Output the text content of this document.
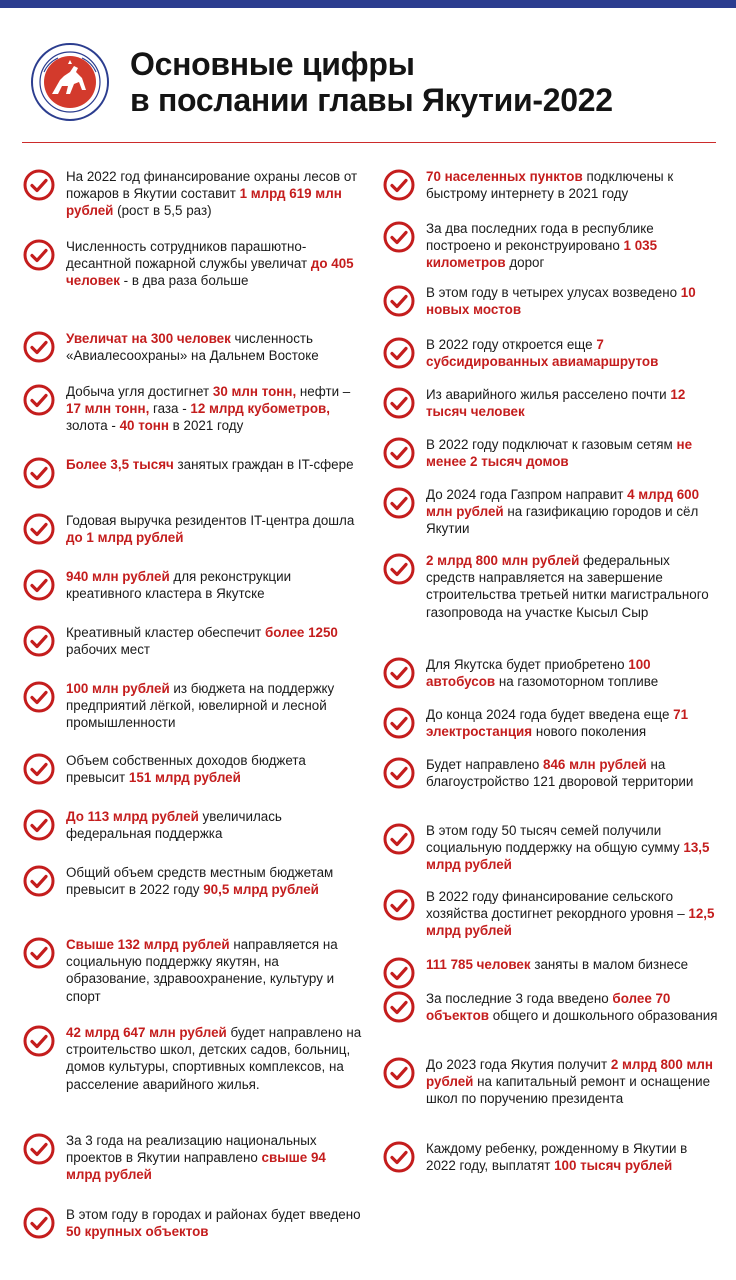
Основные цифры
в послании главы Якутии-2022
На 2022 год финансирование охраны лесов от пожаров в Якутии составит 1 млрд 619 млн рублей (рост в 5,5 раз)
Численность сотрудников парашютно-десантной пожарной службы увеличат до 405 человек - в два раза больше
Увеличат на 300 человек численность «Авиалесоохраны» на Дальнем Востоке
Добыча угля достигнет 30 млн тонн, нефти – 17 млн тонн, газа - 12 млрд кубометров, золота - 40 тонн в 2021 году
Более 3,5 тысяч занятых граждан в IT-сфере
Годовая выручка резидентов IT-центра дошла до 1 млрд рублей
940 млн рублей для реконструкции креативного кластера в Якутске
Креативный кластер обеспечит более 1250 рабочих мест
100 млн рублей из бюджета на поддержку предприятий лёгкой, ювелирной и лесной промышленности
Объем собственных доходов бюджета превысит 151 млрд рублей
До 113 млрд рублей увеличилась федеральная поддержка
Общий объем средств местным бюджетам превысит в 2022 году 90,5 млрд рублей
Свыше 132 млрд рублей направляется на социальную поддержку якутян, на образование, здравоохранение, культуру и спорт
42 млрд 647 млн рублей будет направлено на строительство школ, детских садов, больниц, домов культуры, спортивных комплексов, на расселение аварийного жилья.
За 3 года на реализацию национальных проектов в Якутии направлено свыше 94 млрд рублей
В этом году в городах и районах будет введено 50 крупных объектов
70 населенных пунктов подключены к быстрому интернету в 2021 году
За два последних года в республике построено и реконструировано 1 035 километров дорог
В этом году в четырех улусах возведено 10 новых мостов
В 2022 году откроется еще 7 субсидированных авиамаршрутов
Из аварийного жилья расселено почти 12 тысяч человек
В 2022 году подключат к газовым сетям не менее 2 тысяч домов
До 2024 года Газпром направит 4 млрд 600 млн рублей на газификацию городов и сёл Якутии
2 млрд 800 млн рублей федеральных средств направляется на завершение строительства третьей нитки магистрального газопровода на участке Кысыл Сыр
Для Якутска будет приобретено 100 автобусов на газомоторном топливе
До конца 2024 года будет введена еще 71 электростанция нового поколения
Будет направлено 846 млн рублей на благоустройство 121 дворовой территории
В этом году 50 тысяч семей получили социальную поддержку на общую сумму 13,5 млрд рублей
В 2022 году финансирование сельского хозяйства достигнет рекордного уровня – 12,5 млрд рублей
111 785 человек заняты в малом бизнесе
За последние 3 года введено более 70 объектов общего и дошкольного образования
До 2023 года Якутия получит 2 млрд 800 млн рублей на капитальный ремонт и оснащение школ по поручению президента
Каждому ребенку, рожденному в Якутии в 2022 году, выплатят 100 тысяч рублей
